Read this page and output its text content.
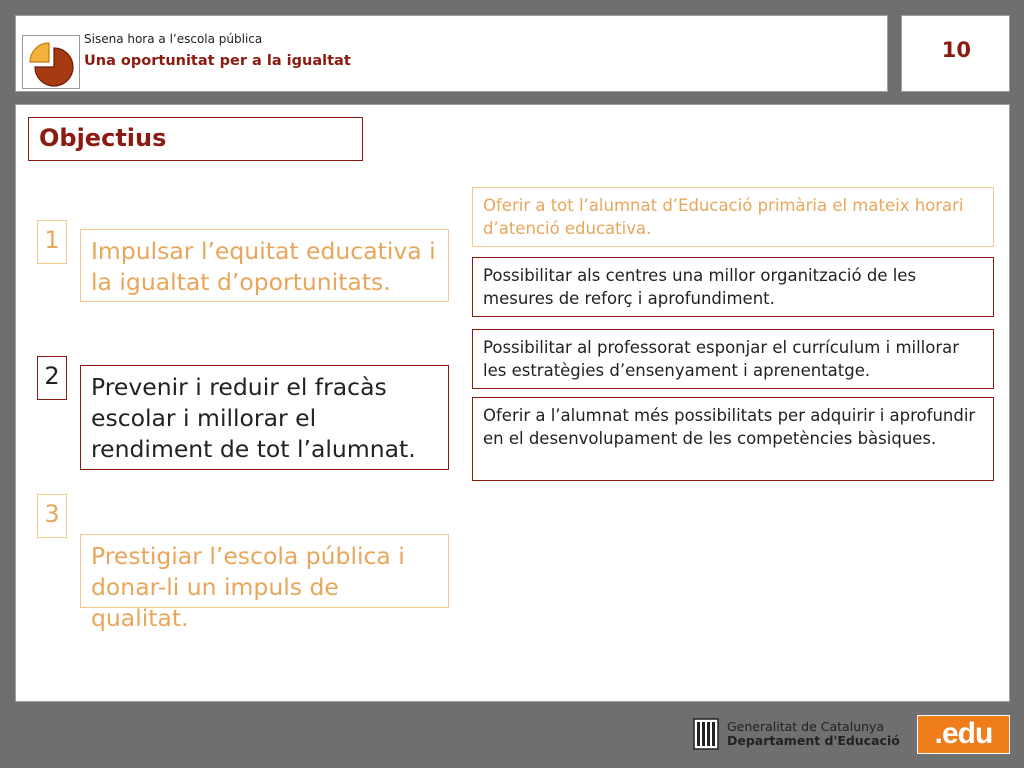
Sisena hora a l’escola pública
Una oportunitat per a la igualtat	10
Objectius
1	Impulsar l’equitat educativa i la igualtat d’oportunitats.
2	Prevenir i reduir el fracàs escolar i millorar el rendiment de tot l’alumnat.
3
Prestigiar l’escola pública i donar-li un impuls de qualitat.
Oferir a tot l’alumnat d’Educació primària el mateix horari d’atenció educativa.
Possibilitar als centres una millor organització de les mesures de reforç i aprofundiment.
Possibilitar al professorat esponjar el currículum i millorar les estratègies d’ensenyament i aprenentatge.
Oferir a l’alumnat més possibilitats per adquirir i aprofundir en el desenvolupament de les competències bàsiques.
Generalitat de Catalunya
Departament d'Educació	.edu
